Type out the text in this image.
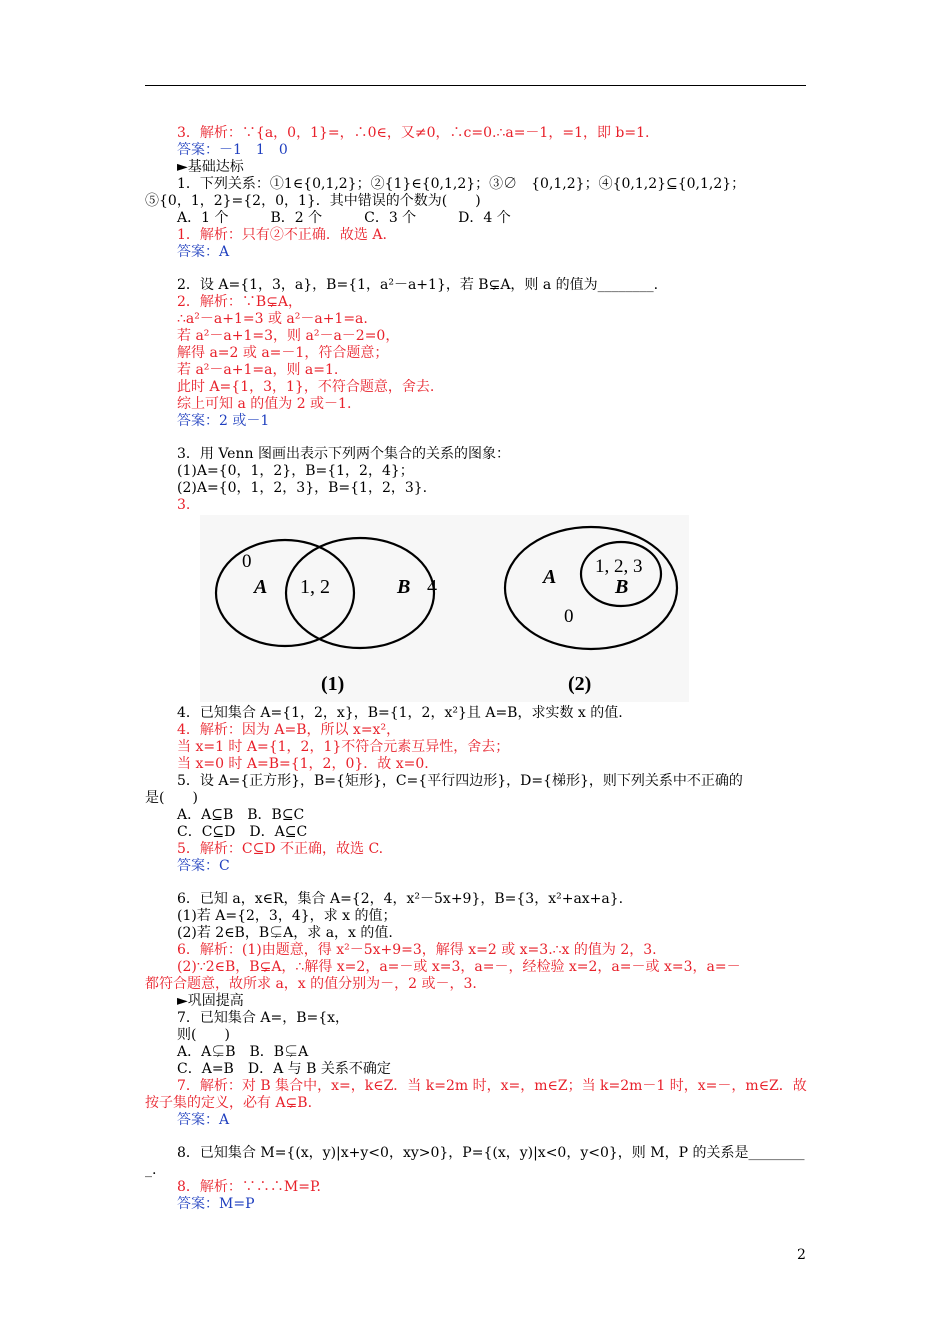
3．解析：∵{a，0，1}=，∴0∈，又≠0，∴c=0.∴a=－1，=1，即 b=1.
答案：－1　1　0
►基础达标
1．下列关系：①1∈{0,1,2}；②{1}∈{0,1,2}；③∅　{0,1,2}；④{0,1,2}⊆{0,1,2}；
⑤{0，1，2}={2，0，1}．其中错误的个数为(　　)
A．1 个　　　B．2 个　　　C．3 个　　　D．4 个
1．解析：只有②不正确．故选 A.
答案：A
2．设 A={1，3，a}，B={1，a²－a+1}，若 B⊊A，则 a 的值为________.
2．解析：∵B⊊A，
∴a²－a+1=3 或 a²－a+1=a.
若 a²－a+1=3，则 a²－a－2=0，
解得 a=2 或 a=－1，符合题意；
若 a²－a+1=a，则 a=1.
此时 A={1，3，1}，不符合题意，舍去.
综上可知 a 的值为 2 或－1.
答案：2 或－1
3．用 Venn 图画出表示下列两个集合的关系的图象：
(1)A={0，1，2}，B={1，2，4}；
(2)A={0，1，2，3}，B={1，2，3}.
3.
4．已知集合 A={1，2，x}，B={1，2，x²}且 A=B，求实数 x 的值.
4．解析：因为 A=B，所以 x=x²，
当 x=1 时 A={1，2，1}不符合元素互异性，舍去；
当 x=0 时 A=B={1，2，0}．故 x=0.
5．设 A={正方形}，B={矩形}，C={平行四边形}，D={梯形}，则下列关系中不正确的
是(　　)
A．A⊆B　B．B⊆C
C．C⊆D　D．A⊆C
5．解析：C⊆D 不正确，故选 C.
答案：C
6．已知 a，x∈R，集合 A={2，4，x²－5x+9}，B={3，x²+ax+a}.
(1)若 A={2，3，4}，求 x 的值；
(2)若 2∈B，B⊊A，求 a，x 的值.
6．解析：(1)由题意，得 x²－5x+9=3，解得 x=2 或 x=3.∴x 的值为 2，3.
(2)∵2∈B，B⊊A，∴解得 x=2，a=－或 x=3，a=－，经检验 x=2，a=－或 x=3，a=－
都符合题意，故所求 a，x 的值分别为－，2 或－，3.
►巩固提高
7．已知集合 A=，B={x，
则(　　)
A．A⊊B　B．B⊊A
C．A=B　D．A 与 B 关系不确定
7．解析：对 B 集合中，x=，k∈Z．当 k=2m 时，x=，m∈Z；当 k=2m－1 时，x=－，m∈Z．故
按子集的定义，必有 A⊊B.
答案：A
8．已知集合 M={(x，y)|x+y<0，xy>0}，P={(x，y)|x<0，y<0}，则 M，P 的关系是________
_.
8．解析：∵∴∴M=P.
答案：M=P
0
A 1, 2	B 4
(1)
A 1, 2, 3
B
0
(2)
2
